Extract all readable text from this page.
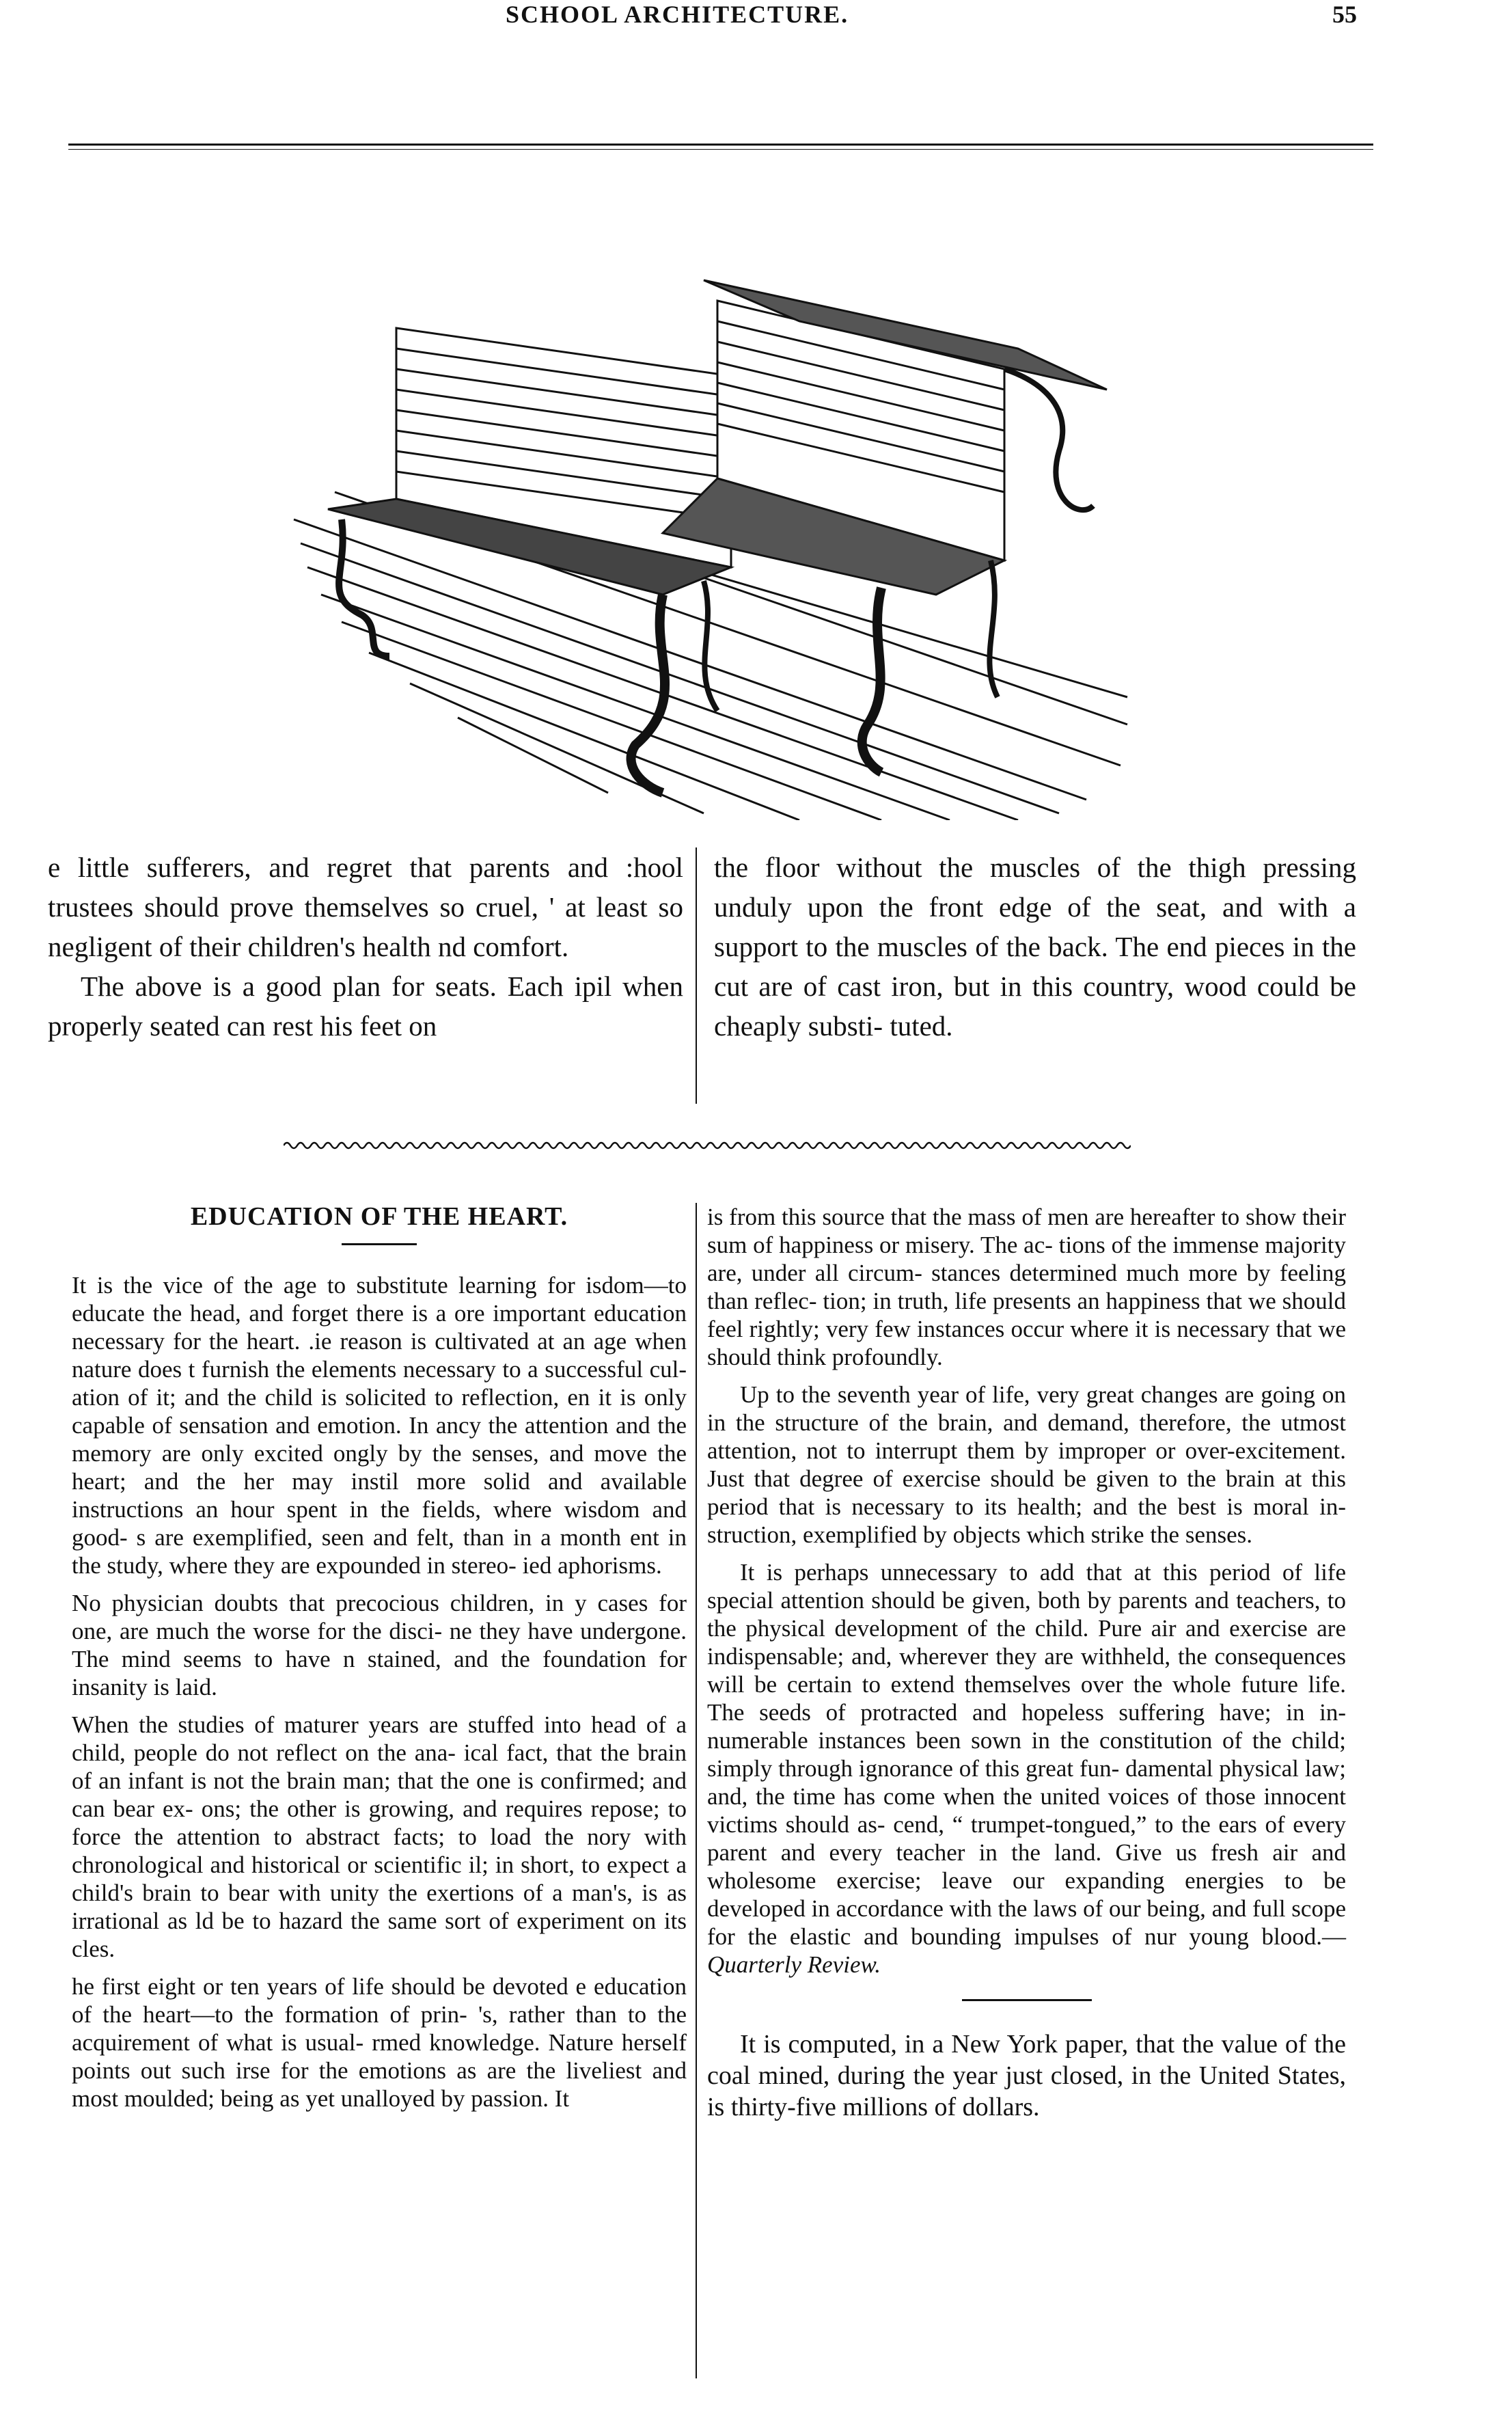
SCHOOL ARCHITECTURE.	55

e little sufferers, and regret that parents and :hool trustees should prove themselves so cruel, ' at least so negligent of their children's health nd comfort.

The above is a good plan for seats. Each ipil when properly seated can rest his feet on

the floor without the muscles of the thigh pressing unduly upon the front edge of the seat, and with a support to the muscles of the back. The end pieces in the cut are of cast iron, but in this country, wood could be cheaply substi- tuted.

EDUCATION OF THE HEART.

It is the vice of the age to substitute learning for isdom—to educate the head, and forget there is a ore important education necessary for the heart. .ie reason is cultivated at an age when nature does t furnish the elements necessary to a successful cul- ation of it; and the child is solicited to reflection, en it is only capable of sensation and emotion. In ancy the attention and the memory are only excited ongly by the senses, and move the heart; and the her may instil more solid and available instructions an hour spent in the fields, where wisdom and good- s are exemplified, seen and felt, than in a month ent in the study, where they are expounded in stereo- ied aphorisms.

No physician doubts that precocious children, in y cases for one, are much the worse for the disci- ne they have undergone. The mind seems to have n stained, and the foundation for insanity is laid.

When the studies of maturer years are stuffed into head of a child, people do not reflect on the ana- ical fact, that the brain of an infant is not the brain man; that the one is confirmed; and can bear ex- ons; the other is growing, and requires repose; to force the attention to abstract facts; to load the nory with chronological and historical or scientific il; in short, to expect a child's brain to bear with unity the exertions of a man's, is as irrational as ld be to hazard the same sort of experiment on its cles.

he first eight or ten years of life should be devoted e education of the heart—to the formation of prin- 's, rather than to the acquirement of what is usual- rmed knowledge. Nature herself points out such irse for the emotions as are the liveliest and most moulded; being as yet unalloyed by passion. It

is from this source that the mass of men are hereafter to show their sum of happiness or misery. The ac- tions of the immense majority are, under all circum- stances determined much more by feeling than reflec- tion; in truth, life presents an happiness that we should feel rightly; very few instances occur where it is necessary that we should think profoundly.

Up to the seventh year of life, very great changes are going on in the structure of the brain, and demand, therefore, the utmost attention, not to interrupt them by improper or over-excitement. Just that degree of exercise should be given to the brain at this period that is necessary to its health; and the best is moral in- struction, exemplified by objects which strike the senses.

It is perhaps unnecessary to add that at this period of life special attention should be given, both by parents and teachers, to the physical development of the child. Pure air and exercise are indispensable; and, wherever they are withheld, the consequences will be certain to extend themselves over the whole future life. The seeds of protracted and hopeless suffering have; in in- numerable instances been sown in the constitution of the child; simply through ignorance of this great fun- damental physical law; and, the time has come when the united voices of those innocent victims should as- cend, “ trumpet-tongued,” to the ears of every parent and every teacher in the land. Give us fresh air and wholesome exercise; leave our expanding energies to be developed in accordance with the laws of our being, and full scope for the elastic and bounding impulses of nur young blood.—Quarterly Review.

It is computed, in a New York paper, that the value of the coal mined, during the year just closed, in the United States, is thirty-five millions of dollars.
